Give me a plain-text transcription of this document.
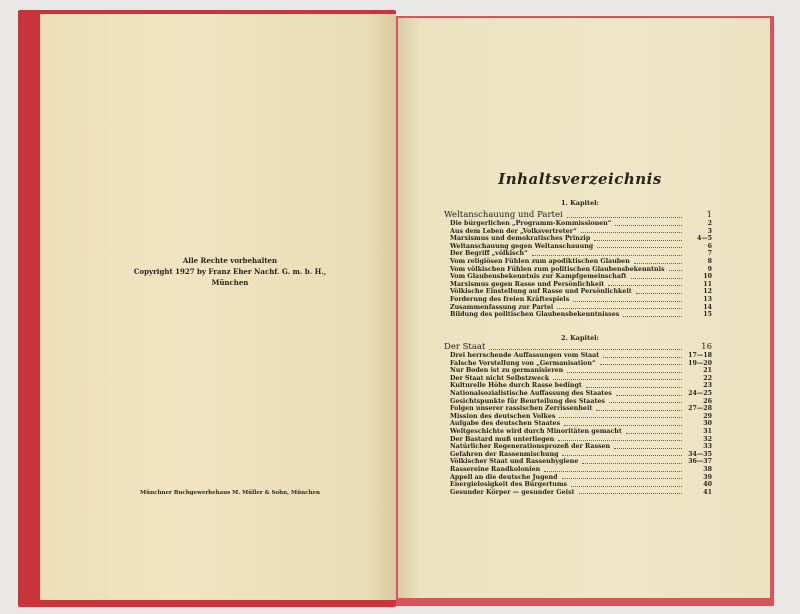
Alle Rechte vorbehalten
Copyright 1927 by Franz Eher Nachf. G. m. b. H., München
Münchner Buchgewerbehaus M. Müller & Sohn, München
Inhaltsverzeichnis
1. Kapitel:
Weltanschauung und Partei	1
Die bürgerlichen „Programm-Kommissionen“	2
Aus dem Leben der „Volksvertreter“	3
Marxismus und demokratisches Prinzip	4—5
Weltanschauung gegen Weltanschauung	6
Der Begriff „völkisch“	7
Vom religiösen Fühlen zum apodiktischen Glauben	8
Vom völkischen Fühlen zum politischen Glaubensbekenntnis	9
Vom Glaubensbekenntnis zur Kampfgemeinschaft	10
Marxismus gegen Rasse und Persönlichkeit	11
Völkische Einstellung auf Rasse und Persönlichkeit	12
Forderung des freien Kräftespiels	13
Zusammenfassung zur Partei	14
Bildung des politischen Glaubensbekenntnisses	15
2. Kapitel:
Der Staat	16
Drei herrschende Auffassungen vom Staat	17—18
Falsche Vorstellung von „Germanisation“	19—20
Nur Boden ist zu germanisieren	21
Der Staat nicht Selbstzweck	22
Kulturelle Höhe durch Rasse bedingt	23
Nationalsozialistische Auffassung des Staates	24—25
Gesichtspunkte für Beurteilung des Staates	26
Folgen unserer rassischen Zerrissenheit	27—28
Mission des deutschen Volkes	29
Aufgabe des deutschen Staates	30
Weltgeschichte wird durch Minoritäten gemacht	31
Der Bastard muß unterliegen	32
Natürlicher Regenerationsprozeß der Rassen	33
Gefahren der Rassenmischung	34—35
Völkischer Staat und Rassenhygiene	36—37
Rassereine Randkolonien	38
Appell an die deutsche Jugend	39
Energielosigkeit des Bürgertums	40
Gesunder Körper — gesunder Geist	41
